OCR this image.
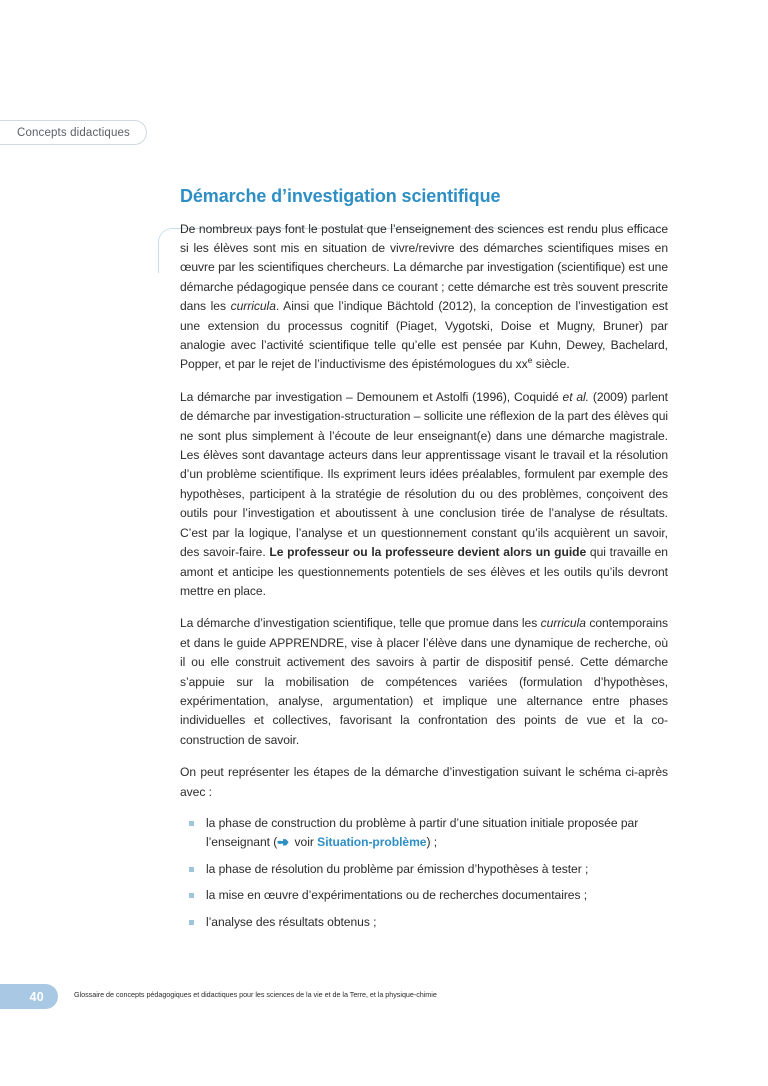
Concepts didactiques
Démarche d’investigation scientifique

De nombreux pays font le postulat que l’enseignement des sciences est rendu plus efficace si les élèves sont mis en situation de vivre/revivre des démarches scientifiques mises en œuvre par les scientifiques chercheurs. La démarche par investigation (scientifique) est une démarche pédagogique pensée dans ce courant ; cette démarche est très souvent prescrite dans les curricula. Ainsi que l’indique Bächtold (2012), la conception de l’investigation est une extension du processus cognitif (Piaget, Vygotski, Doise et Mugny, Bruner) par analogie avec l’activité scientifique telle qu’elle est pensée par Kuhn, Dewey, Bachelard, Popper, et par le rejet de l’inductivisme des épistémologues du $xx^e$ siècle.

La démarche par investigation – Demounem et Astolfi (1996), Coquidé et al. (2009) parlent de démarche par investigation-structuration – sollicite une réflexion de la part des élèves qui ne sont plus simplement à l’écoute de leur enseignant(e) dans une démarche magistrale. Les élèves sont davantage acteurs dans leur apprentissage visant le travail et la résolution d’un problème scientifique. Ils expriment leurs idées préalables, formulent par exemple des hypothèses, participent à la stratégie de résolution du ou des problèmes, conçoivent des outils pour l’investigation et aboutissent à une conclusion tirée de l’analyse de résultats. C’est par la logique, l’analyse et un questionnement constant qu’ils acquièrent un savoir, des savoir-faire. Le professeur ou la professeure devient alors un guide qui travaille en amont et anticipe les questionnements potentiels de ses élèves et les outils qu’ils devront mettre en place.

La démarche d’investigation scientifique, telle que promue dans les curricula contemporains et dans le guide APPRENDRE, vise à placer l’élève dans une dynamique de recherche, où il ou elle construit activement des savoirs à partir de dispositif pensé. Cette démarche s’appuie sur la mobilisation de compétences variées (formulation d’hypothèses, expérimentation, analyse, argumentation) et implique une alternance entre phases individuelles et collectives, favorisant la confrontation des points de vue et la co-construction de savoir.

On peut représenter les étapes de la démarche d’investigation suivant le schéma ci-après avec :

la phase de construction du problème à partir d’une situation initiale proposée par l’enseignant ( voir Situation-problème) ;
la phase de résolution du problème par émission d’hypothèses à tester ;
la mise en œuvre d’expérimentations ou de recherches documentaires ;
l’analyse des résultats obtenus ;
40	Glossaire de concepts pédagogiques et didactiques pour les sciences de la vie et de la Terre, et la physique-chimie
